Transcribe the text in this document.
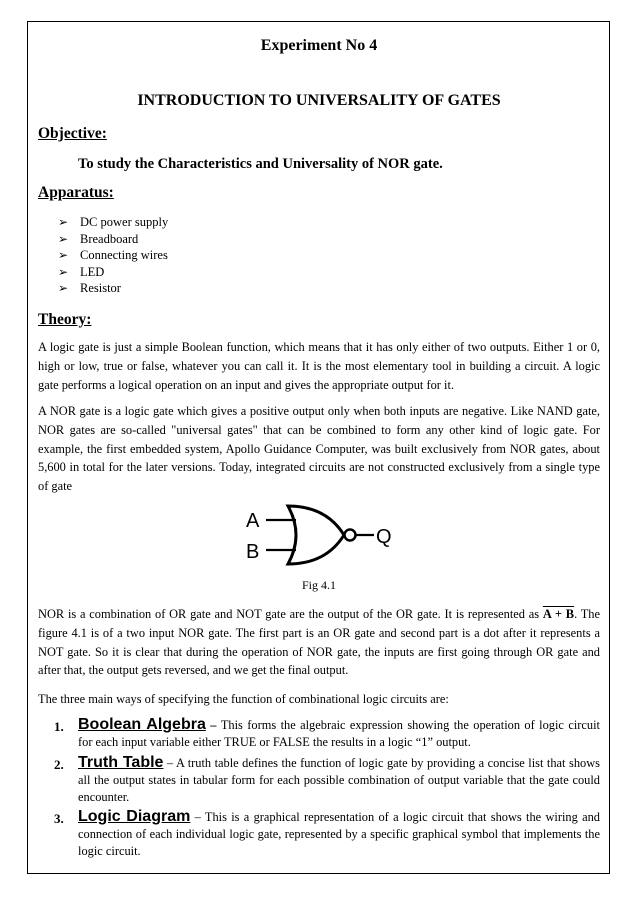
Experiment No 4
INTRODUCTION TO UNIVERSALITY OF GATES
Objective:
To study the Characteristics and Universality of NOR gate.
Apparatus:
➢ DC power supply
➢ Breadboard
➢ Connecting wires
➢ LED
➢ Resistor
Theory:
A logic gate is just a simple Boolean function, which means that it has only either of two outputs. Either 1 or 0, high or low, true or false, whatever you can call it. It is the most elementary tool in building a circuit. A logic gate performs a logical operation on an input and gives the appropriate output for it.
A NOR gate is a logic gate which gives a positive output only when both inputs are negative. Like NAND gate, NOR gates are so-called "universal gates" that can be combined to form any other kind of logic gate. For example, the first embedded system, Apollo Guidance Computer, was built exclusively from NOR gates, about 5,600 in total for the later versions. Today, integrated circuits are not constructed exclusively from a single type of gate
A
B
Q
Fig 4.1
NOR is a combination of OR gate and NOT gate are the output of the OR gate. It is represented as A + B. The figure 4.1 is of a two input NOR gate. The first part is an OR gate and second part is a dot after it represents a NOT gate. So it is clear that during the operation of NOR gate, the inputs are first going through OR gate and after that, the output gets reversed, and we get the final output.
The three main ways of specifying the function of combinational logic circuits are:
1. Boolean Algebra – This forms the algebraic expression showing the operation of logic circuit for each input variable either TRUE or FALSE the results in a logic “1” output.
2. Truth Table – A truth table defines the function of logic gate by providing a concise list that shows all the output states in tabular form for each possible combination of output variable that the gate could encounter.
3. Logic Diagram – This is a graphical representation of a logic circuit that shows the wiring and connection of each individual logic gate, represented by a specific graphical symbol that implements the logic circuit.
